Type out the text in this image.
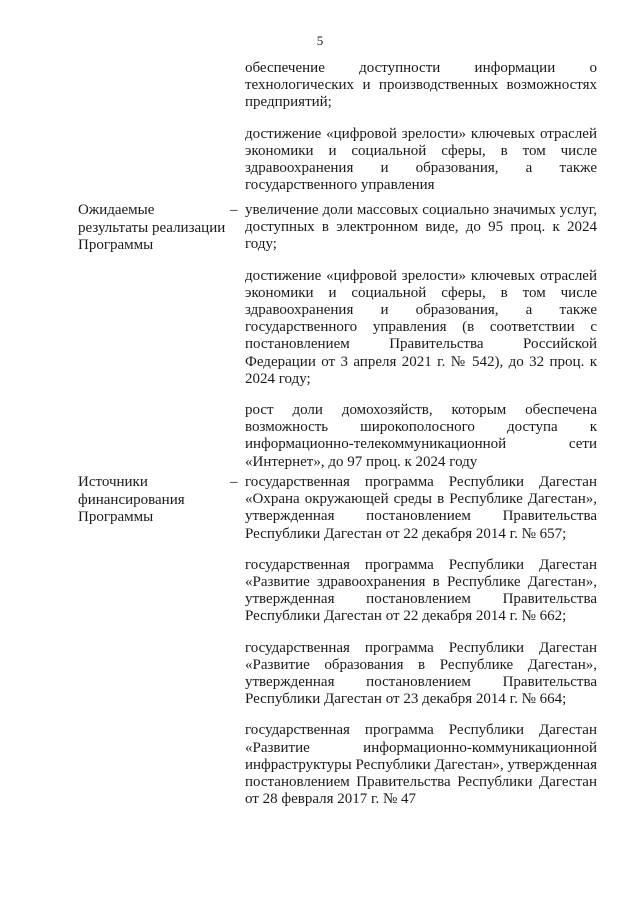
5

обеспечение доступности информации о технологических и производственных возможностях предприятий;

достижение «цифровой зрелости» ключевых отраслей экономики и социальной сферы, в том числе здравоохранения и образования, а также государственного управления

Ожидаемые результаты реализации Программы
– увеличение доли массовых социально значимых услуг, доступных в электронном виде, до 95 проц. к 2024 году;

достижение «цифровой зрелости» ключевых отраслей экономики и социальной сферы, в том числе здравоохранения и образования, а также государственного управления (в соответствии с постановлением Правительства Российской Федерации от 3 апреля 2021 г. № 542), до 32 проц. к 2024 году;

рост доли домохозяйств, которым обеспечена возможность широкополосного доступа к информационно-телекоммуникационной сети «Интернет», до 97 проц. к 2024 году

Источники финансирования Программы
– государственная программа Республики Дагестан «Охрана окружающей среды в Республике Дагестан», утвержденная постановлением Правительства Республики Дагестан от 22 декабря 2014 г. № 657;

государственная программа Республики Дагестан «Развитие здравоохранения в Республике Дагестан», утвержденная постановлением Правительства Республики Дагестан от 22 декабря 2014 г. № 662;

государственная программа Республики Дагестан «Развитие образования в Республике Дагестан», утвержденная постановлением Правительства Республики Дагестан от 23 декабря 2014 г. № 664;

государственная программа Республики Дагестан «Развитие информационно-коммуникационной инфраструктуры Республики Дагестан», утвержденная постановлением Правительства Республики Дагестан от 28 февраля 2017 г. № 47
